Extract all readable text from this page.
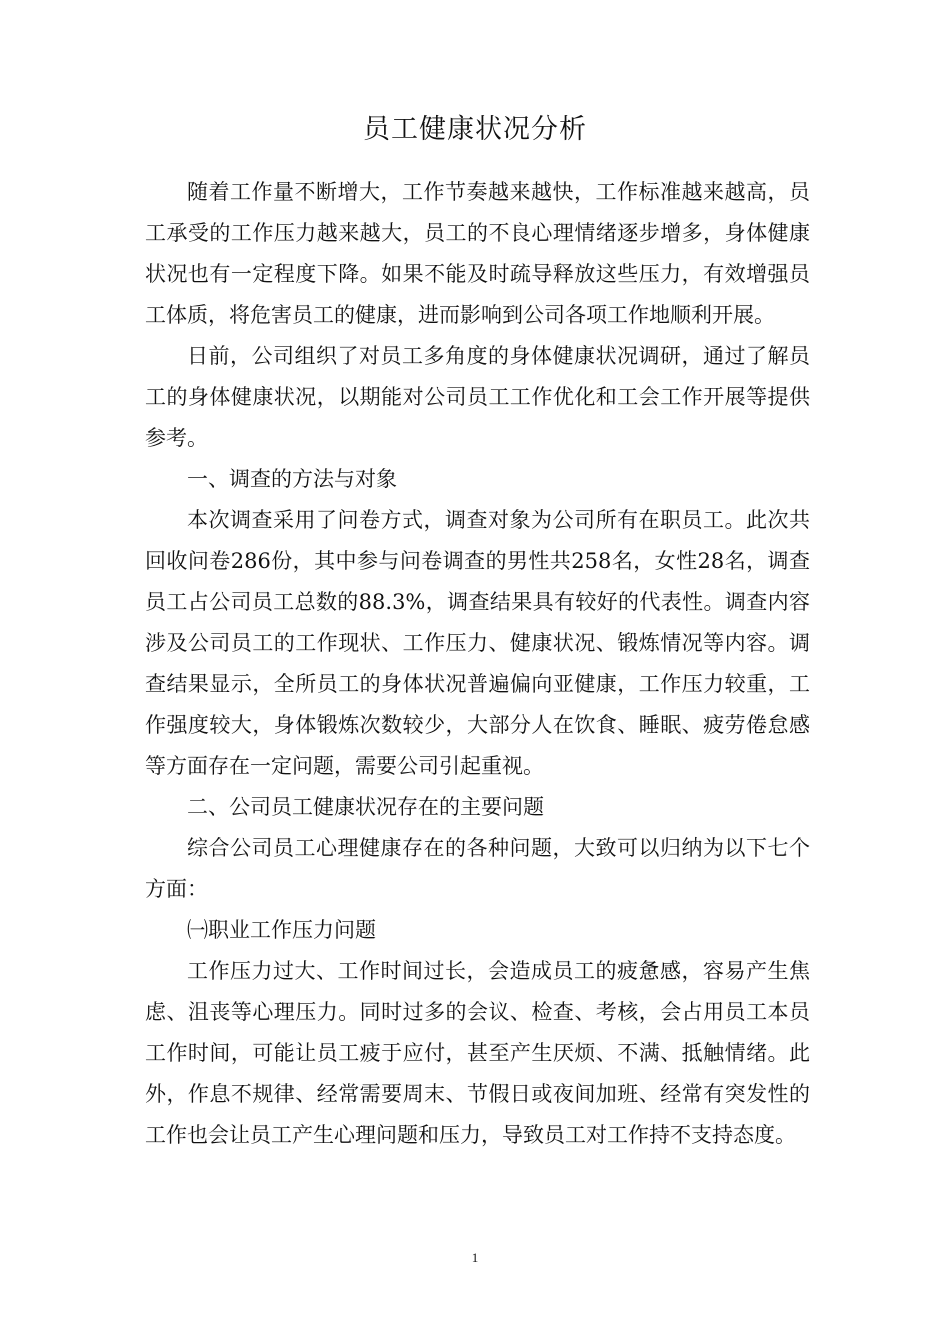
员工健康状况分析

随着工作量不断增大，工作节奏越来越快，工作标准越来越高，员工承受的工作压力越来越大，员工的不良心理情绪逐步增多，身体健康状况也有一定程度下降。如果不能及时疏导释放这些压力，有效增强员工体质，将危害员工的健康，进而影响到公司各项工作地顺利开展。

日前，公司组织了对员工多角度的身体健康状况调研，通过了解员工的身体健康状况，以期能对公司员工工作优化和工会工作开展等提供参考。

一、调查的方法与对象

本次调查采用了问卷方式，调查对象为公司所有在职员工。此次共回收问卷286份，其中参与问卷调查的男性共258名，女性28名，调查员工占公司员工总数的88.3%，调查结果具有较好的代表性。调查内容涉及公司员工的工作现状、工作压力、健康状况、锻炼情况等内容。调查结果显示，全所员工的身体状况普遍偏向亚健康，工作压力较重，工作强度较大，身体锻炼次数较少，大部分人在饮食、睡眠、疲劳倦怠感等方面存在一定问题，需要公司引起重视。

二、公司员工健康状况存在的主要问题

综合公司员工心理健康存在的各种问题，大致可以归纳为以下七个方面：

㈠职业工作压力问题

工作压力过大、工作时间过长，会造成员工的疲惫感，容易产生焦虑、沮丧等心理压力。同时过多的会议、检查、考核，会占用员工本员工作时间，可能让员工疲于应付，甚至产生厌烦、不满、抵触情绪。此外，作息不规律、经常需要周末、节假日或夜间加班、经常有突发性的工作也会让员工产生心理问题和压力，导致员工对工作持不支持态度。

1
